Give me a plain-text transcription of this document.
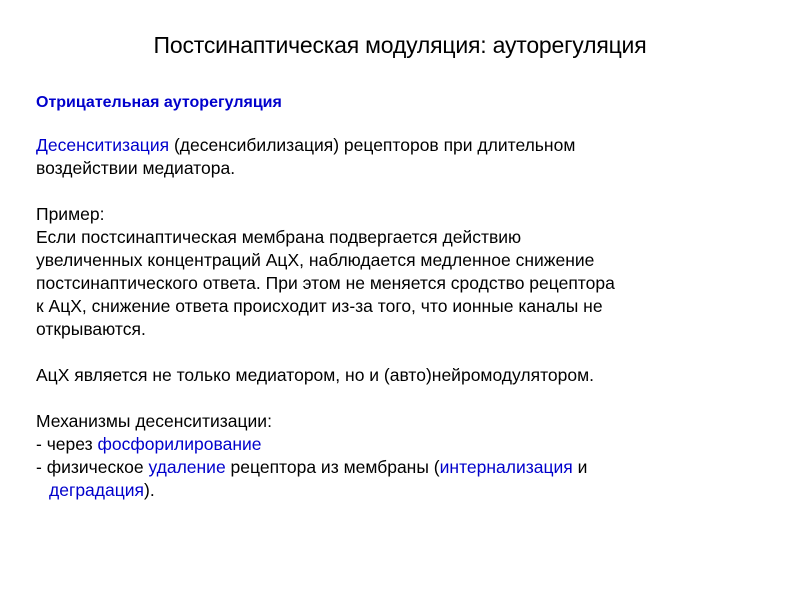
Постсинаптическая модуляция: ауторегуляция

Отрицательная ауторегуляция

Десенситизация (десенсибилизация) рецепторов при длительном

воздействии медиатора.

Пример:

Если постсинаптическая мембрана подвергается действию

увеличенных концентраций АцХ, наблюдается медленное снижение

постсинаптического ответа. При этом не меняется сродство рецептора

к АцХ, снижение ответа происходит из-за того, что ионные каналы не

открываются.

АцХ является не только медиатором, но и (авто)нейромодулятором.

Механизмы десенситизации:

- через фосфорилирование

- физическое удаление рецептора из мембраны (интернализация и

деградация).
